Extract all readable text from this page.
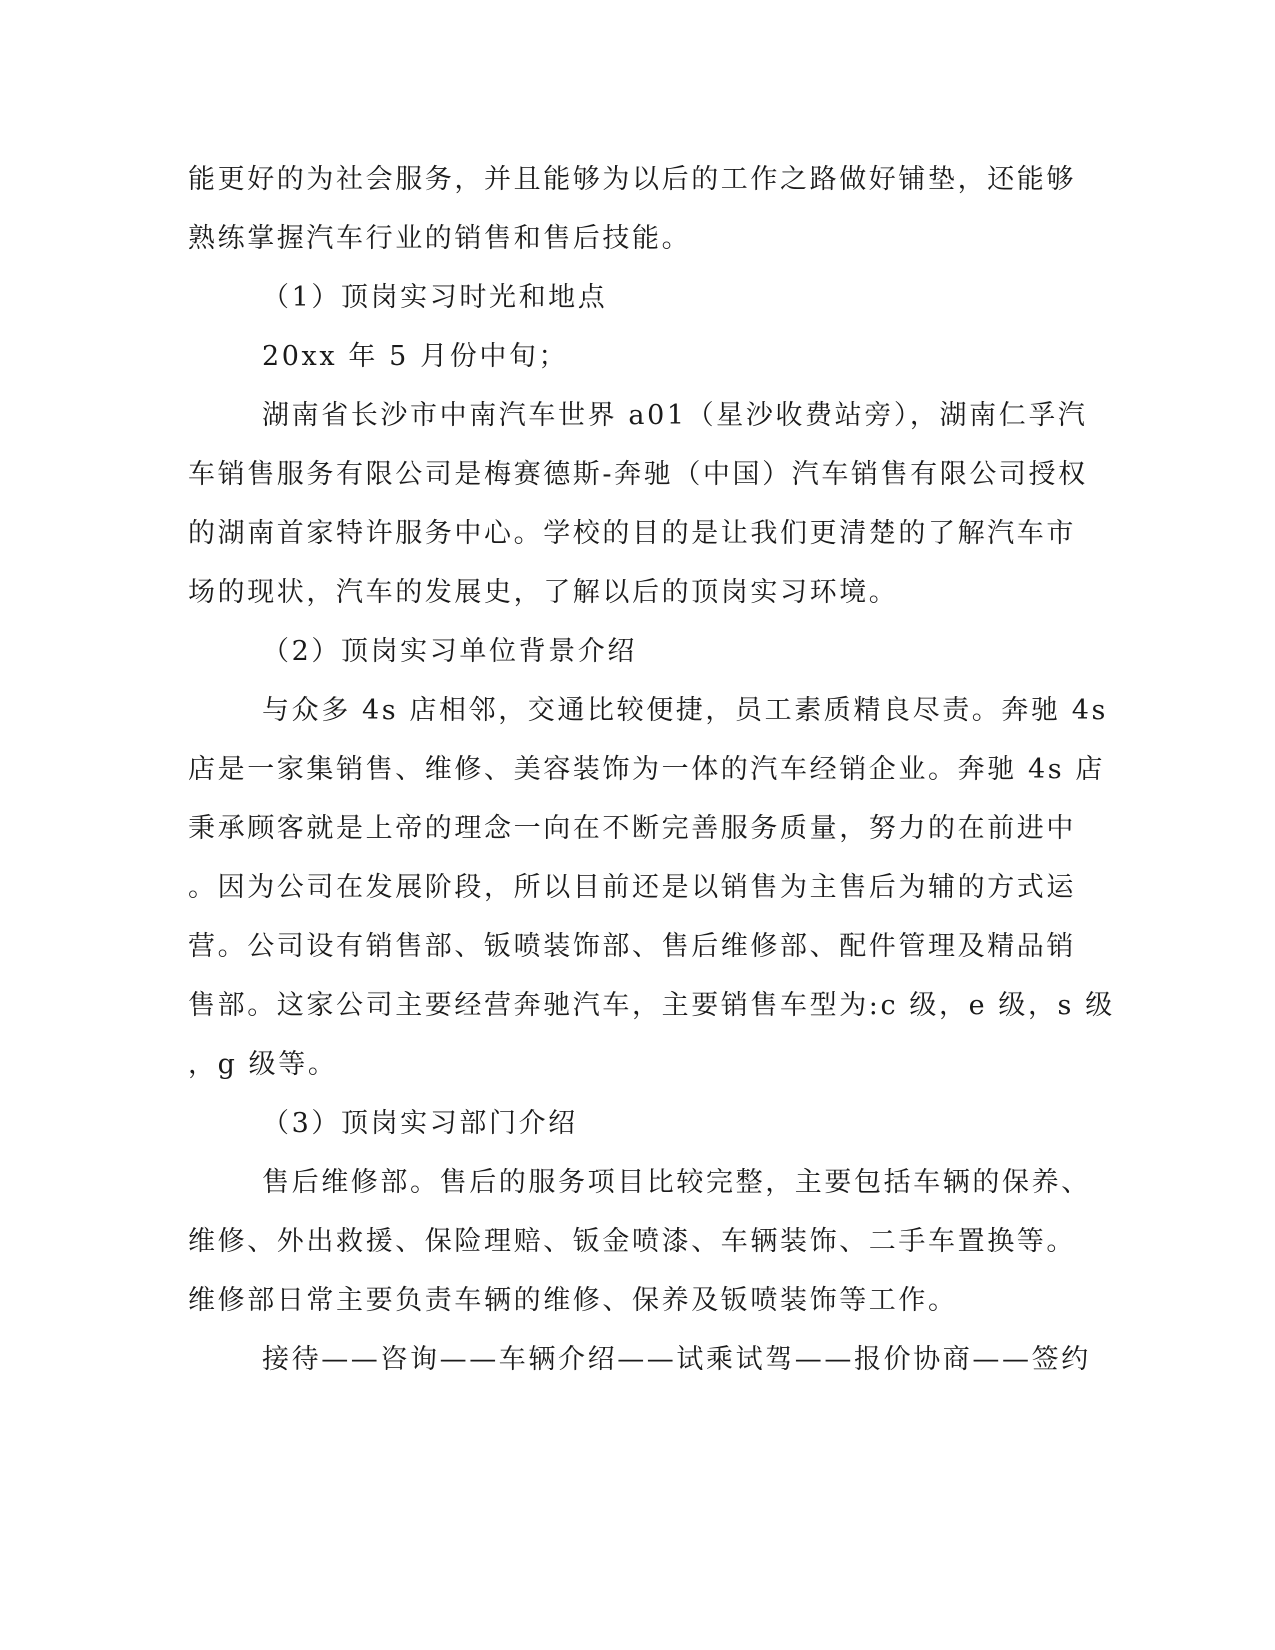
能更好的为社会服务，并且能够为以后的工作之路做好铺垫，还能够
熟练掌握汽车行业的销售和售后技能。
（1）顶岗实习时光和地点
20xx 年 5 月份中旬；
湖南省长沙市中南汽车世界 a01（星沙收费站旁），湖南仁孚汽
车销售服务有限公司是梅赛德斯-奔驰（中国）汽车销售有限公司授权
的湖南首家特许服务中心。学校的目的是让我们更清楚的了解汽车市
场的现状，汽车的发展史，了解以后的顶岗实习环境。
（2）顶岗实习单位背景介绍
与众多 4s 店相邻，交通比较便捷，员工素质精良尽责。奔驰 4s
店是一家集销售、维修、美容装饰为一体的汽车经销企业。奔驰 4s 店
秉承顾客就是上帝的理念一向在不断完善服务质量，努力的在前进中
。因为公司在发展阶段，所以目前还是以销售为主售后为辅的方式运
营。公司设有销售部、钣喷装饰部、售后维修部、配件管理及精品销
售部。这家公司主要经营奔驰汽车，主要销售车型为:c 级，e 级，s 级
，g 级等。
（3）顶岗实习部门介绍
售后维修部。售后的服务项目比较完整，主要包括车辆的保养、
维修、外出救援、保险理赔、钣金喷漆、车辆装饰、二手车置换等。
维修部日常主要负责车辆的维修、保养及钣喷装饰等工作。
接待——咨询——车辆介绍——试乘试驾——报价协商——签约
